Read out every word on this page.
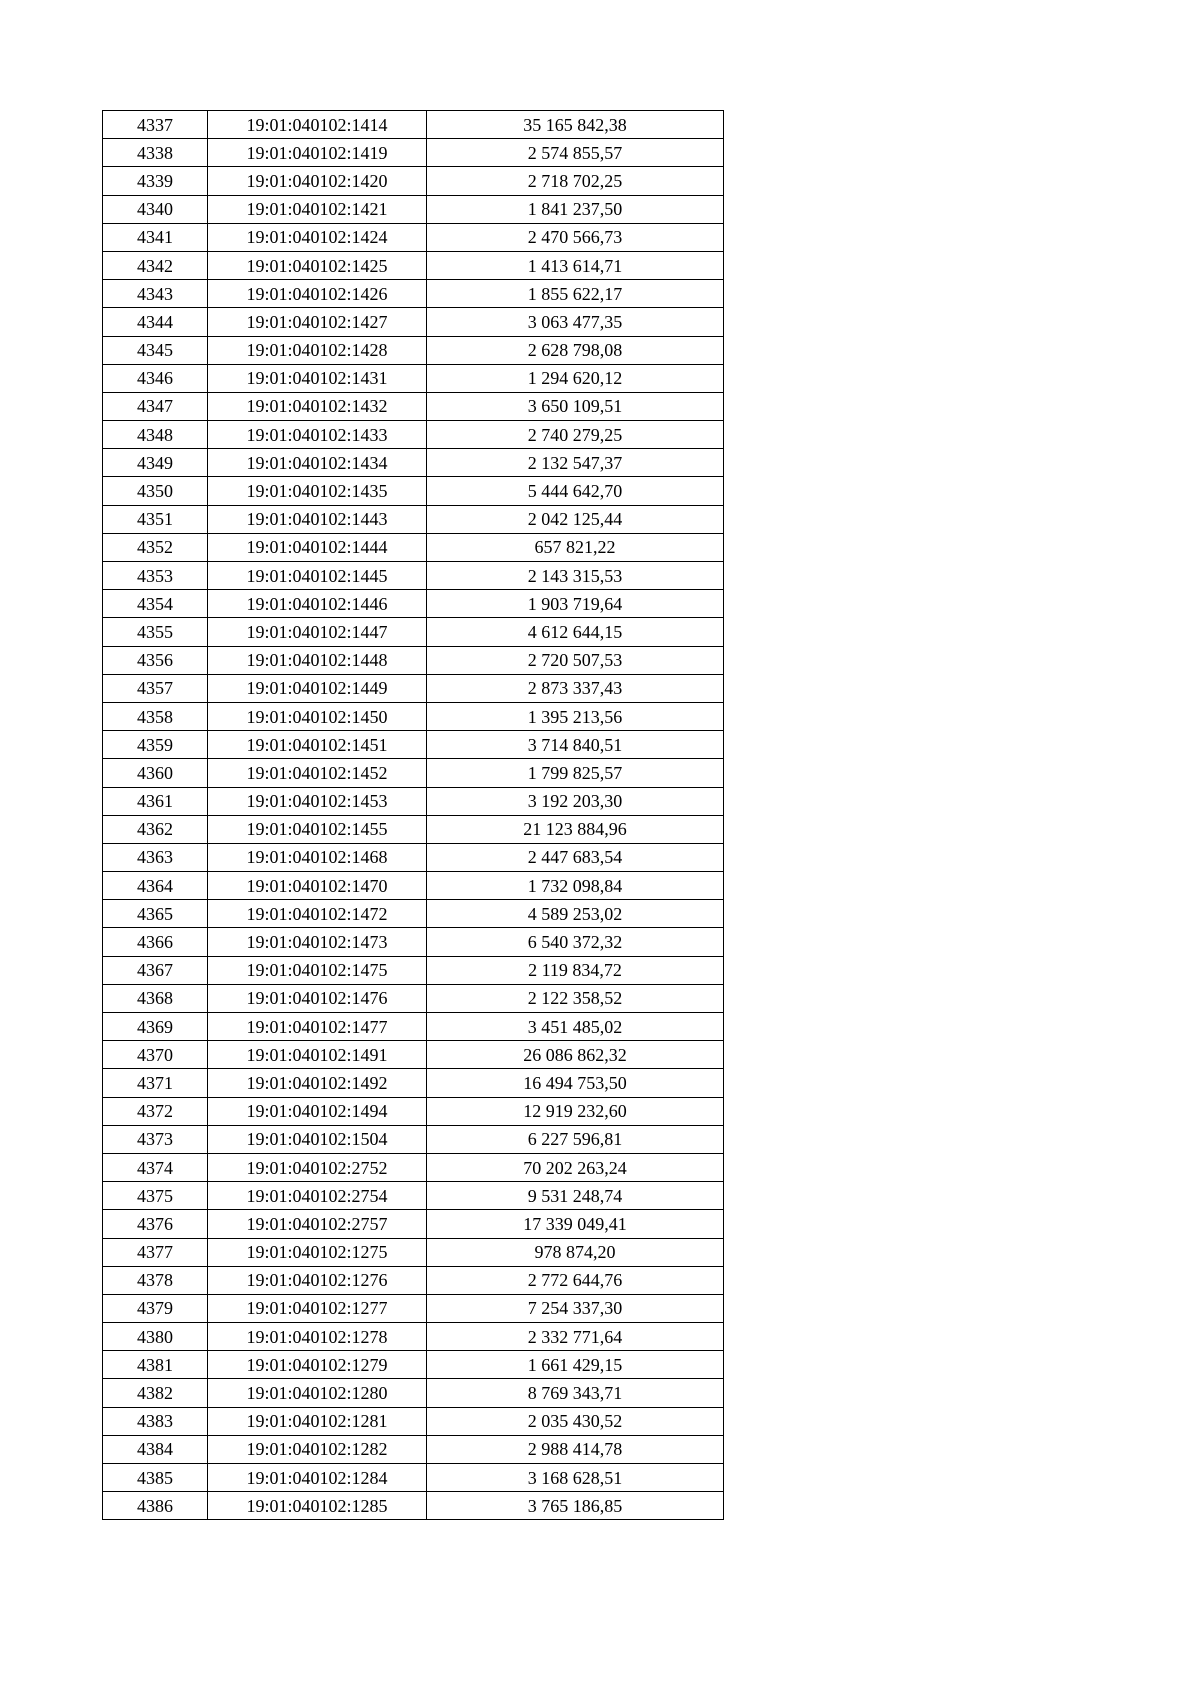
4337	19:01:040102:1414	35 165 842,38
4338	19:01:040102:1419	2 574 855,57
4339	19:01:040102:1420	2 718 702,25
4340	19:01:040102:1421	1 841 237,50
4341	19:01:040102:1424	2 470 566,73
4342	19:01:040102:1425	1 413 614,71
4343	19:01:040102:1426	1 855 622,17
4344	19:01:040102:1427	3 063 477,35
4345	19:01:040102:1428	2 628 798,08
4346	19:01:040102:1431	1 294 620,12
4347	19:01:040102:1432	3 650 109,51
4348	19:01:040102:1433	2 740 279,25
4349	19:01:040102:1434	2 132 547,37
4350	19:01:040102:1435	5 444 642,70
4351	19:01:040102:1443	2 042 125,44
4352	19:01:040102:1444	657 821,22
4353	19:01:040102:1445	2 143 315,53
4354	19:01:040102:1446	1 903 719,64
4355	19:01:040102:1447	4 612 644,15
4356	19:01:040102:1448	2 720 507,53
4357	19:01:040102:1449	2 873 337,43
4358	19:01:040102:1450	1 395 213,56
4359	19:01:040102:1451	3 714 840,51
4360	19:01:040102:1452	1 799 825,57
4361	19:01:040102:1453	3 192 203,30
4362	19:01:040102:1455	21 123 884,96
4363	19:01:040102:1468	2 447 683,54
4364	19:01:040102:1470	1 732 098,84
4365	19:01:040102:1472	4 589 253,02
4366	19:01:040102:1473	6 540 372,32
4367	19:01:040102:1475	2 119 834,72
4368	19:01:040102:1476	2 122 358,52
4369	19:01:040102:1477	3 451 485,02
4370	19:01:040102:1491	26 086 862,32
4371	19:01:040102:1492	16 494 753,50
4372	19:01:040102:1494	12 919 232,60
4373	19:01:040102:1504	6 227 596,81
4374	19:01:040102:2752	70 202 263,24
4375	19:01:040102:2754	9 531 248,74
4376	19:01:040102:2757	17 339 049,41
4377	19:01:040102:1275	978 874,20
4378	19:01:040102:1276	2 772 644,76
4379	19:01:040102:1277	7 254 337,30
4380	19:01:040102:1278	2 332 771,64
4381	19:01:040102:1279	1 661 429,15
4382	19:01:040102:1280	8 769 343,71
4383	19:01:040102:1281	2 035 430,52
4384	19:01:040102:1282	2 988 414,78
4385	19:01:040102:1284	3 168 628,51
4386	19:01:040102:1285	3 765 186,85
